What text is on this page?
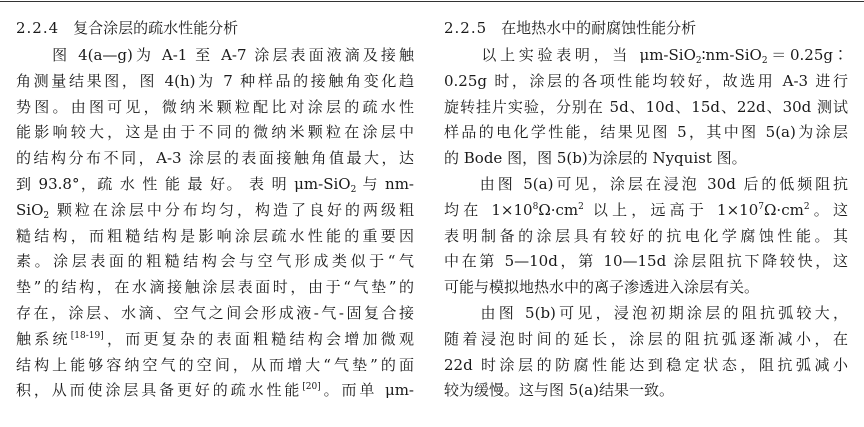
2.2.4 复合涂层的疏水性能分析
　　图 4(a—g)为 A-1 至 A-7 涂层表面液滴及接触
角测量结果图，图 4(h)为 7 种样品的接触角变化趋
势图。由图可见，微纳米颗粒配比对涂层的疏水性
能影响较大，这是由于不同的微纳米颗粒在涂层中
的结构分布不同，A-3 涂层的表面接触角值最大，达
到 93.8°，疏 水 性 能 最 好。 表 明 μm-SiO$_2$ 与 nm-
SiO$_2$ 颗粒在涂层中分布均匀，构造了良好的两级粗
糙结构，而粗糙结构是影响涂层疏水性能的重要因
素。涂层表面的粗糙结构会与空气形成类似于“气
垫”的结构，在水滴接触涂层表面时，由于“气垫”的
存在，涂层、水滴、空气之间会形成液-气-固复合接
触系统[18-19]，而更复杂的表面粗糙结构会增加微观
结构上能够容纳空气的空间，从而增大“气垫”的面
积，从而使涂层具备更好的疏水性能[20]。而单 μm-
2.2.5 在地热水中的耐腐蚀性能分析
　　以上实验表明，当 μm-SiO$_2$∶nm-SiO$_2$＝0.25g∶
0.25g 时，涂层的各项性能均较好，故选用 A-3 进行
旋转挂片实验，分别在 5d、10d、15d、22d、30d 测试
样品的电化学性能，结果见图 5，其中图 5(a)为涂层
的 Bode 图，图 5(b)为涂层的 Nyquist 图。
　　由图 5(a)可见，涂层在浸泡 30d 后的低频阻抗
均在 $1\times 10^8\Omega\cdot cm^2$ 以上，远高于 $1\times 10^7\Omega\cdot cm^2$。这
表明制备的涂层具有较好的抗电化学腐蚀性能。其
中在第 5—10d，第 10—15d 涂层阻抗下降较快，这
可能与模拟地热水中的离子渗透进入涂层有关。
　　由图 5(b)可见，浸泡初期涂层的阻抗弧较大，
随着浸泡时间的延长，涂层的阻抗弧逐渐减小，在
22d 时涂层的防腐性能达到稳定状态，阻抗弧减小
较为缓慢。这与图 5(a)结果一致。
